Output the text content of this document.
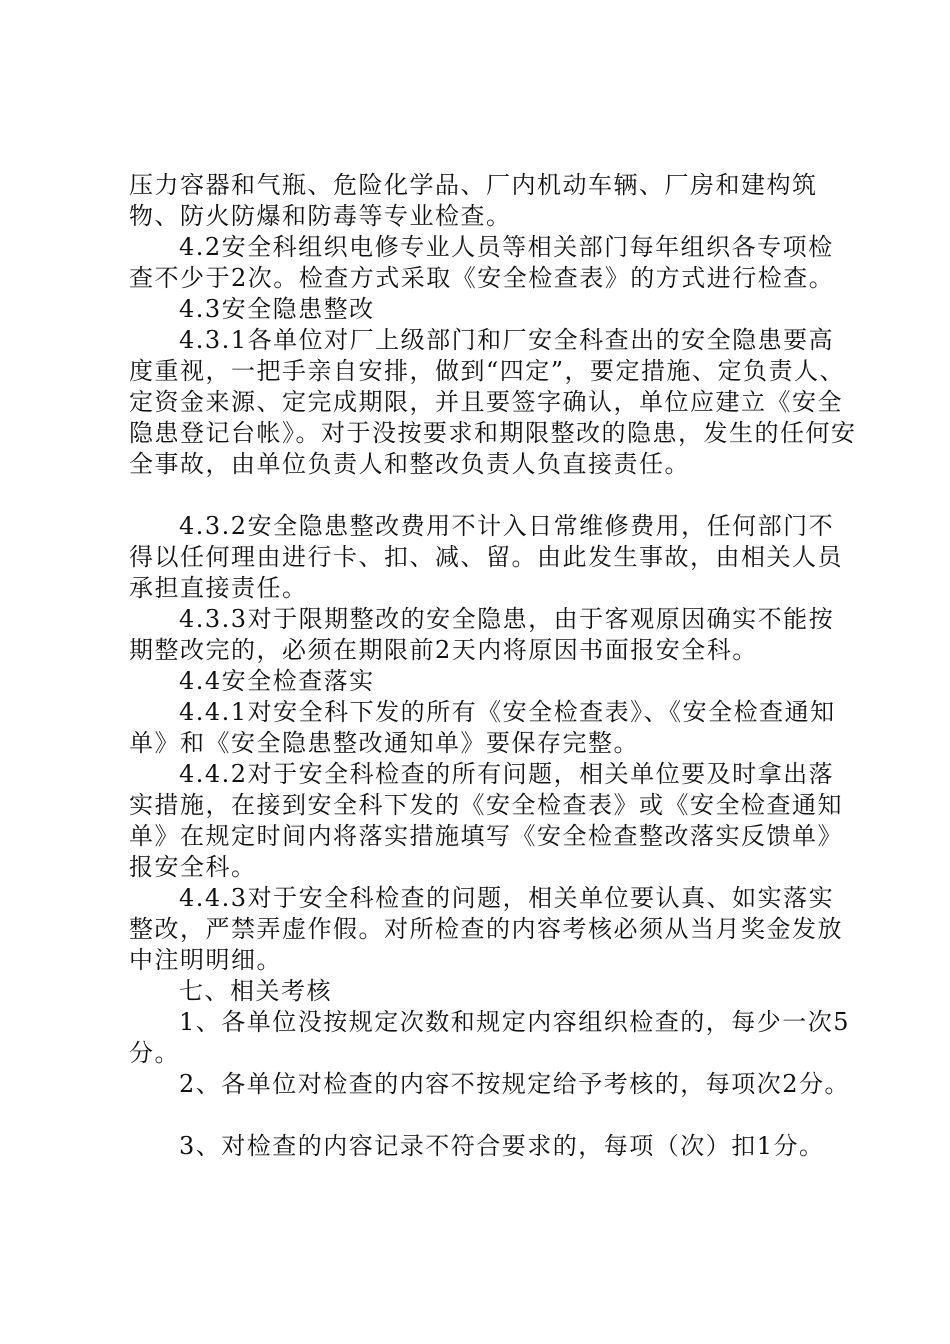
压力容器和气瓶、危险化学品、厂内机动车辆、厂房和建构筑物、防火防爆和防毒等专业检查。

4.2安全科组织电修专业人员等相关部门每年组织各专项检查不少于2次。检查方式采取《安全检查表》的方式进行检查。

4.3安全隐患整改

4.3.1各单位对厂上级部门和厂安全科查出的安全隐患要高度重视，一把手亲自安排，做到“四定”，要定措施、定负责人、定资金来源、定完成期限，并且要签字确认，单位应建立《安全隐患登记台帐》。对于没按要求和期限整改的隐患，发生的任何安全事故，由单位负责人和整改负责人负直接责任。

4.3.2安全隐患整改费用不计入日常维修费用，任何部门不得以任何理由进行卡、扣、减、留。由此发生事故，由相关人员承担直接责任。

4.3.3对于限期整改的安全隐患，由于客观原因确实不能按期整改完的，必须在期限前2天内将原因书面报安全科。

4.4安全检查落实

4.4.1对安全科下发的所有《安全检查表》、《安全检查通知单》和《安全隐患整改通知单》要保存完整。

4.4.2对于安全科检查的所有问题，相关单位要及时拿出落实措施，在接到安全科下发的《安全检查表》或《安全检查通知单》在规定时间内将落实措施填写《安全检查整改落实反馈单》报安全科。

4.4.3对于安全科检查的问题，相关单位要认真、如实落实整改，严禁弄虚作假。对所检查的内容考核必须从当月奖金发放中注明明细。

七、相关考核

1、各单位没按规定次数和规定内容组织检查的，每少一次5分。

2、各单位对检查的内容不按规定给予考核的，每项次2分。

3、对检查的内容记录不符合要求的，每项（次）扣1分。
